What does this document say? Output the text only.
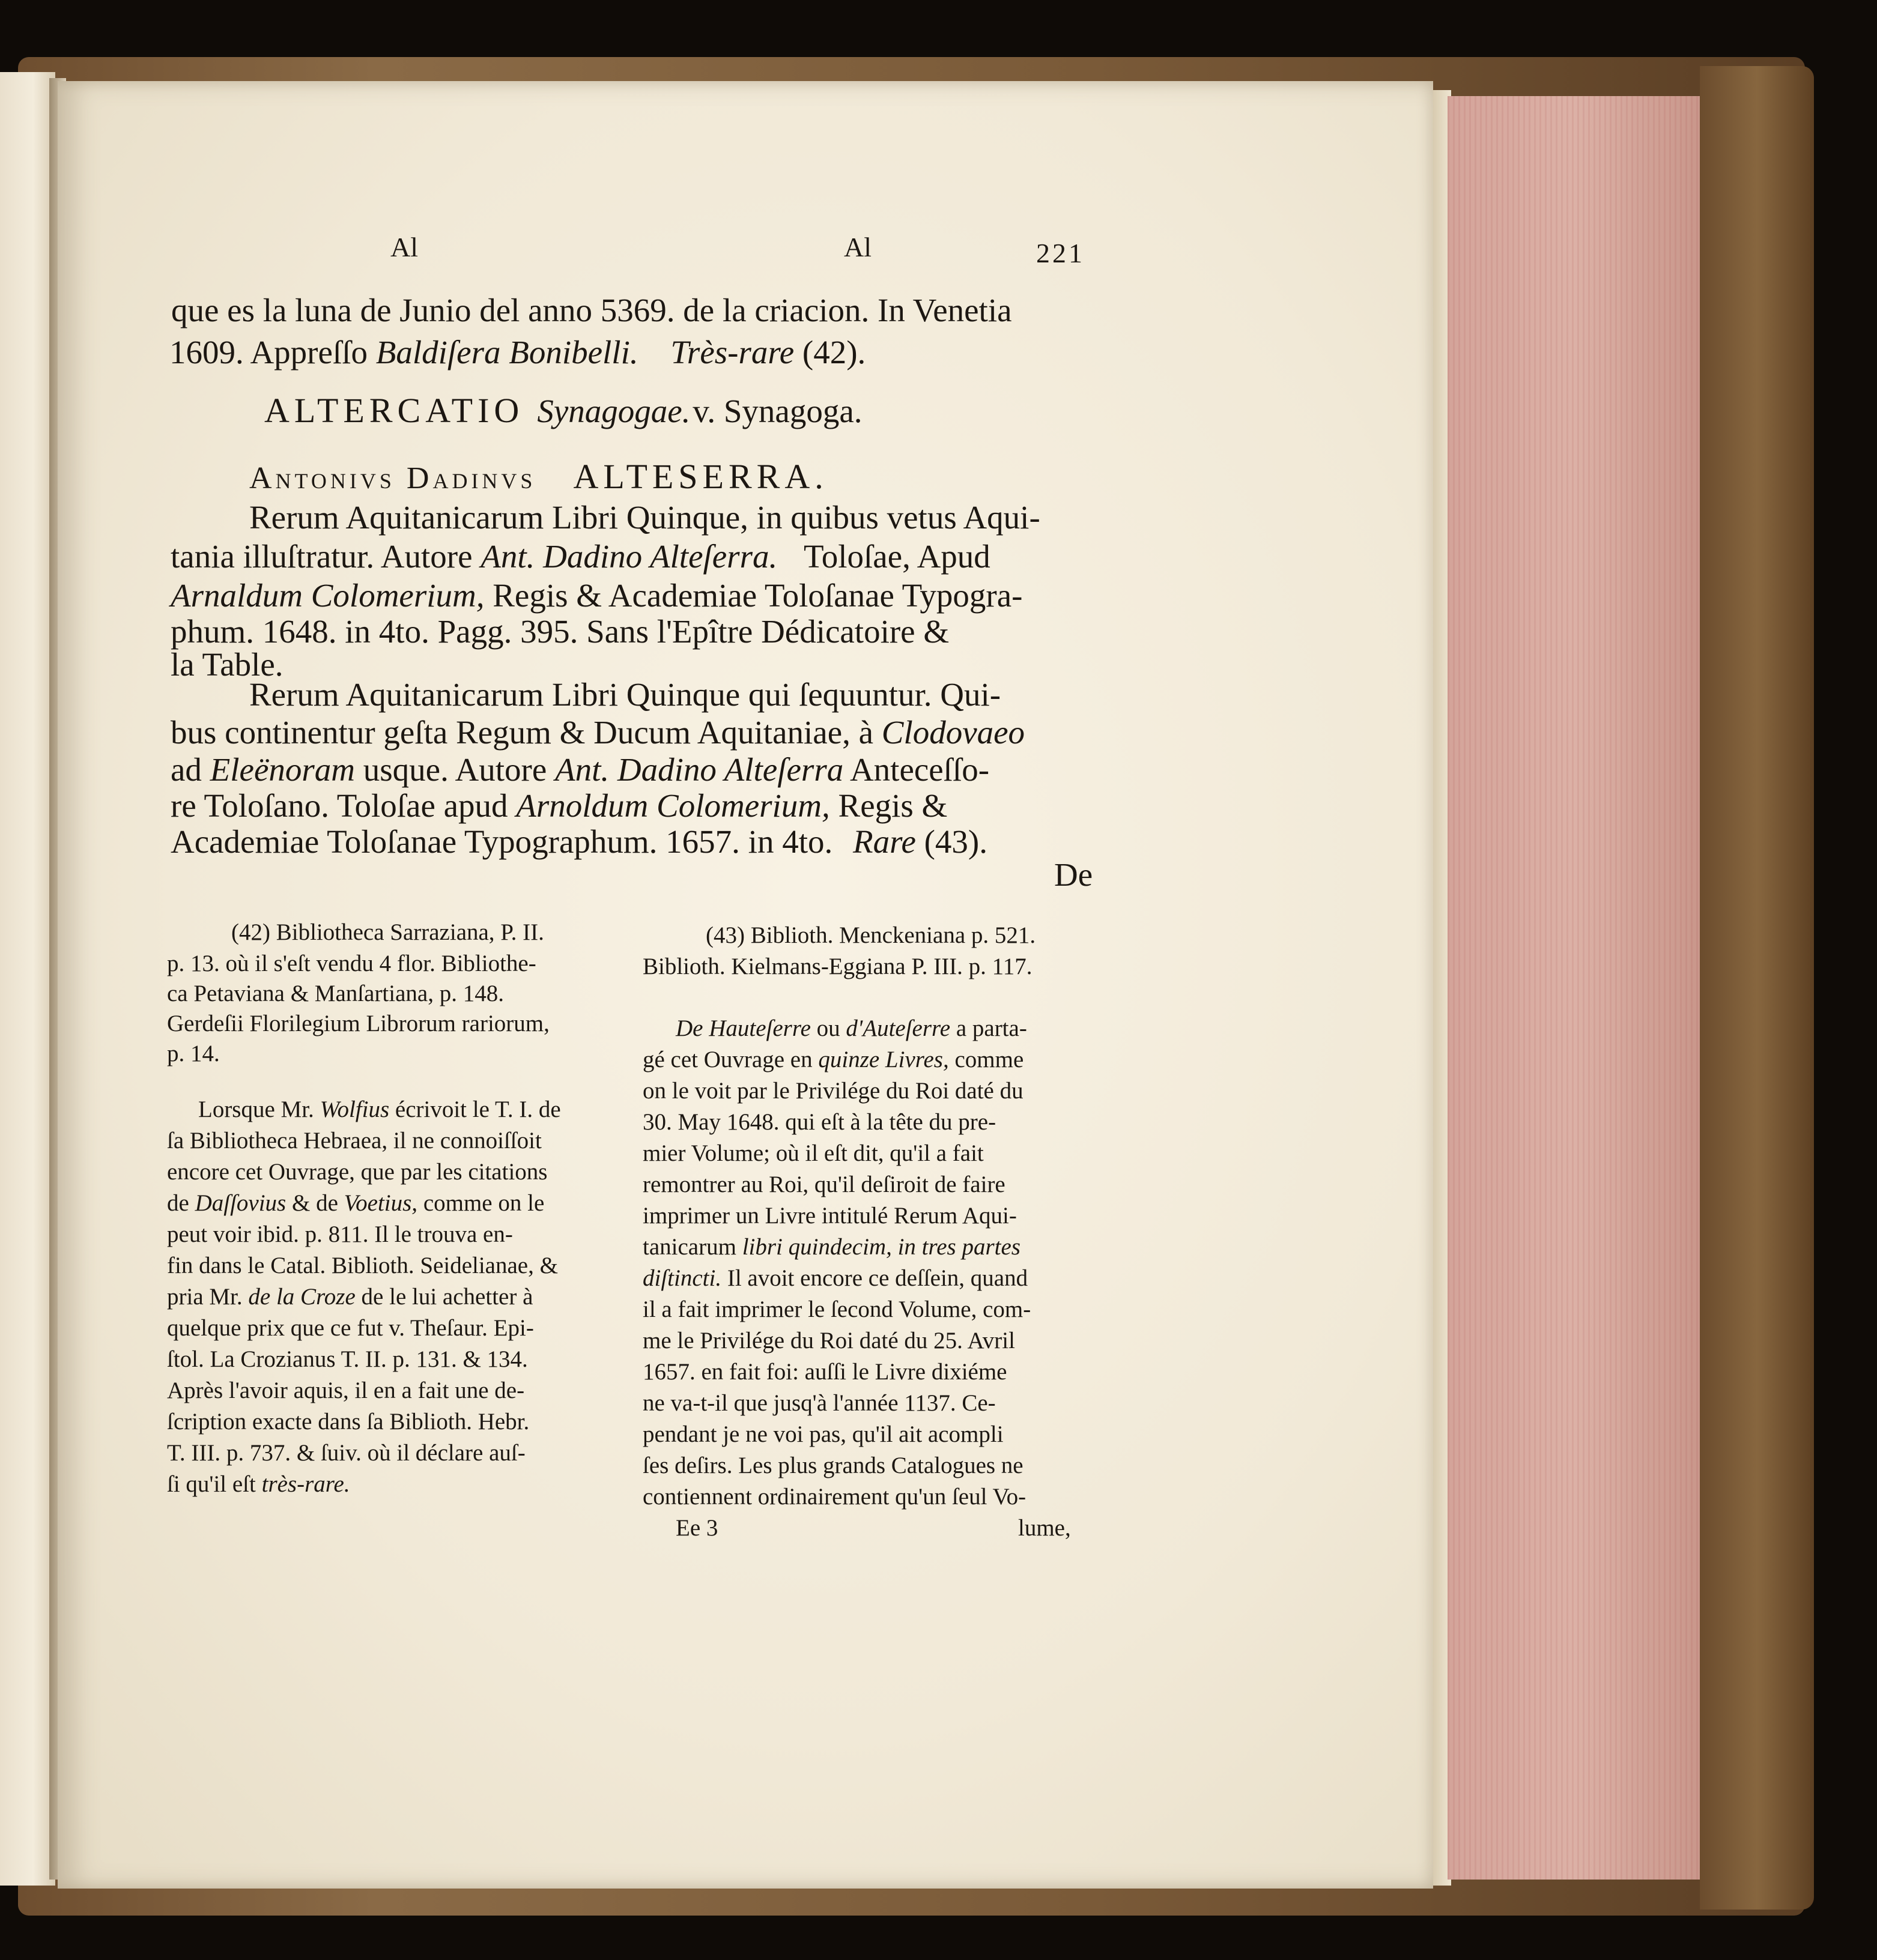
Al	Al	221
que es la luna de Junio del anno 5369. de la criacion. In Venetia
1609. Appreſſo Baldiſera Bonibelli. Très-rare (42).
ALTERCATIO Synagogae. v. Synagoga.
Antonivs Dadinvs ALTESERRA.
Rerum Aquitanicarum Libri Quinque, in quibus vetus Aqui-
tania illuſtratur. Autore Ant. Dadino Alteſerra. Toloſae, Apud
Arnaldum Colomerium, Regis & Academiae Toloſanae Typogra-
phum. 1648. in 4to. Pagg. 395. Sans l'Epître Dédicatoire &
la Table.
Rerum Aquitanicarum Libri Quinque qui ſequuntur. Qui-
bus continentur geſta Regum & Ducum Aquitaniae, à Clodovaeo
ad Eleënoram usque. Autore Ant. Dadino Alteſerra Anteceſſo-
re Toloſano. Toloſae apud Arnoldum Colomerium, Regis &
Academiae Toloſanae Typographum. 1657. in 4to. Rare (43).
De
(42) Bibliotheca Sarraziana, P. II.
p. 13. où il s'eſt vendu 4 flor. Bibliothe-
ca Petaviana & Manſartiana, p. 148.
Gerdeſii Florilegium Librorum rariorum,
p. 14.
Lorsque Mr. Wolfius écrivoit le T. I. de
ſa Bibliotheca Hebraea, il ne connoiſſoit
encore cet Ouvrage, que par les citations
de Daſſovius & de Voetius, comme on le
peut voir ibid. p. 811. Il le trouva en-
fin dans le Catal. Biblioth. Seidelianae, &
pria Mr. de la Croze de le lui achetter à
quelque prix que ce fut v. Theſaur. Epi-
ſtol. La Crozianus T. II. p. 131. & 134.
Après l'avoir aquis, il en a fait une de-
ſcription exacte dans ſa Biblioth. Hebr.
T. III. p. 737. & ſuiv. où il déclare auſ-
ſi qu'il eſt très-rare.
(43) Biblioth. Menckeniana p. 521.
Biblioth. Kielmans-Eggiana P. III. p. 117.
De Hauteſerre ou d'Auteſerre a parta-
gé cet Ouvrage en quinze Livres, comme
on le voit par le Privilége du Roi daté du
30. May 1648. qui eſt à la tête du pre-
mier Volume; où il eſt dit, qu'il a fait
remontrer au Roi, qu'il deſiroit de faire
imprimer un Livre intitulé Rerum Aqui-
tanicarum libri quindecim, in tres partes
diſtincti. Il avoit encore ce deſſein, quand
il a fait imprimer le ſecond Volume, com-
me le Privilége du Roi daté du 25. Avril
1657. en fait foi: auſſi le Livre dixiéme
ne va-t-il que jusq'à l'année 1137. Ce-
pendant je ne voi pas, qu'il ait acompli
ſes deſirs. Les plus grands Catalogues ne
contiennent ordinairement qu'un ſeul Vo-
Ee 3	lume,
